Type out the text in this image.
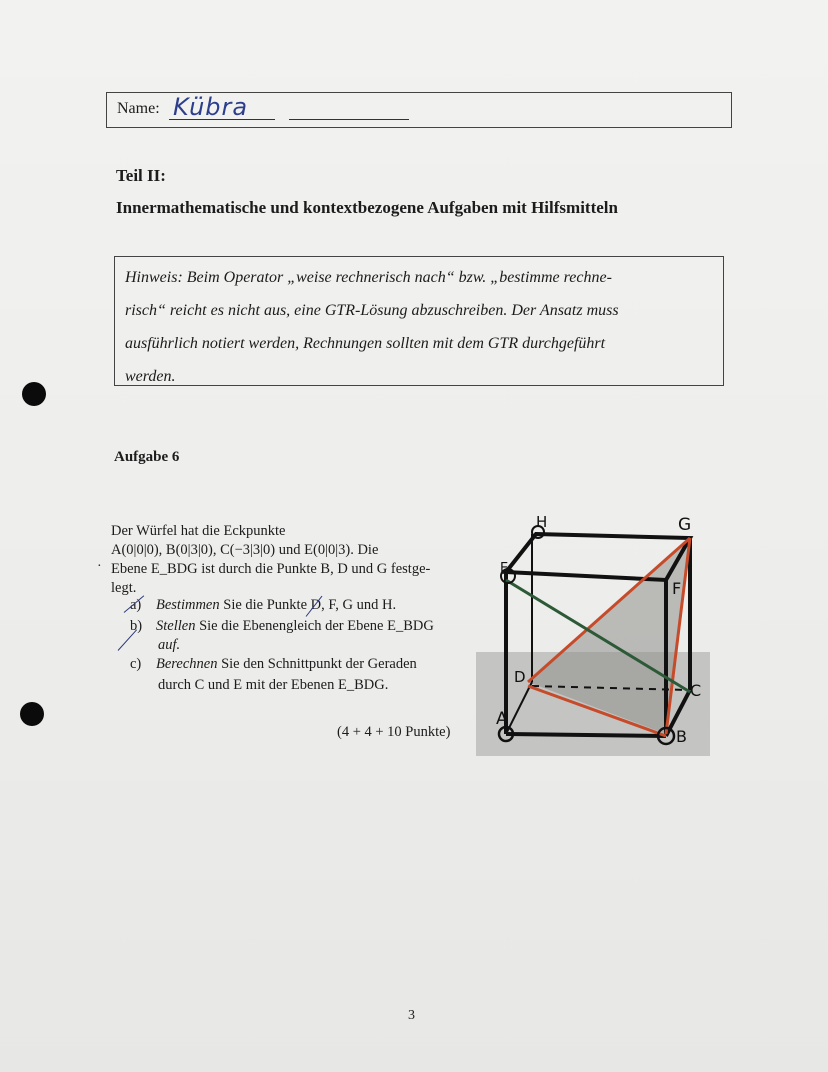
Name: Kübra
Teil II:
Innermathematische und kontextbezogene Aufgaben mit Hilfsmitteln
Hinweis: Beim Operator „weise rechnerisch nach“ bzw. „bestimme rechne-
risch“ reicht es nicht aus, eine GTR-Lösung abzuschreiben. Der Ansatz muss
ausführlich notiert werden, Rechnungen sollten mit dem GTR durchgeführt
werden.
Aufgabe 6
Der Würfel hat die Eckpunkte
A(0|0|0), B(0|3|0), C(−3|3|0) und E(0|0|3). Die
Ebene E_BDG ist durch die Punkte B, D und G festge-
legt.
·
a) Bestimmen Sie die Punkte D, F, G und H.
b) Stellen Sie die Ebenengleich der Ebene E_BDG
auf.
c) Berechnen Sie den Schnittpunkt der Geraden
durch C und E mit der Ebenen E_BDG.
(4 + 4 + 10 Punkte)
H	G
E
F
D
C
A
B
3
